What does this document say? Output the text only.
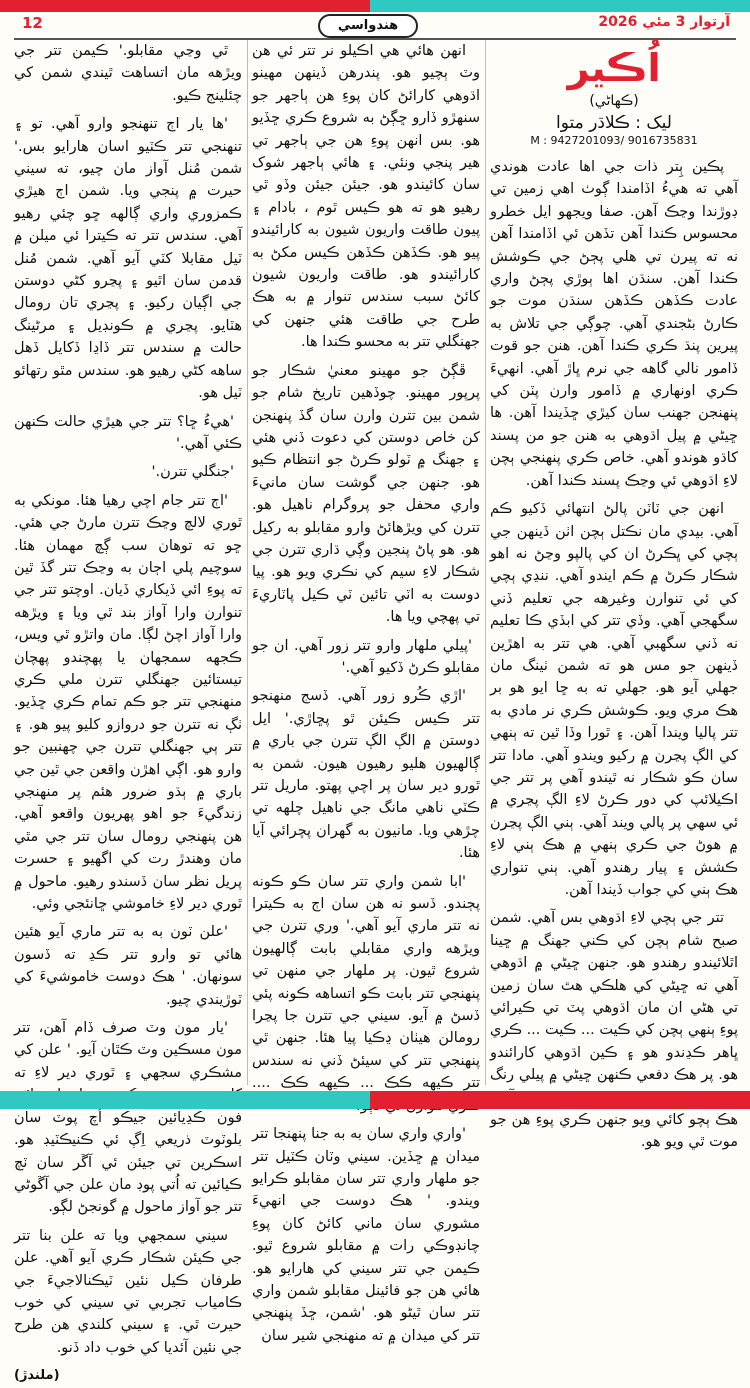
12	هندواسي	آرتوار 3 مئي 2026
اُڪير
(ڪهاڻي)
ليک : ڪلاڌر متوا
M : 9427201093/ 9016735831

پڪين ٻِتر ذات جي اها عادت هوندي آهي ته هيءُ اڏامندا ڳوٺ اهي زمين تي ڊوڙندا وڃڪ آهن. صفا ويجهو ايل خطرو محسوس ڪندا آهن تڏهن ئي اڏامندا آهن نه ته پيرن تي هلي پڄڻ جي ڪوشش ڪندا آهن. سنڌن اها ٻوڙي پڄڻ واري عادت ڪڏهن ڪڏهن سنڌن موت جو ڪارڻ بڻجندي آهي. چوڳي جي تلاش به پيرين پنڌ ڪري ڪندا آهن. هنن جو قوت ڏامور نالي گاهه جي نرم ڀاڙ آهي. انهيءَ ڪري اونهاري ۾ ڏامور وارن پٽن کي پنهنجن جهنب سان کيڙي ڇڏيندا آهن. ها ڇيڻي ۾ پيل اڌوهي به هنن جو من پسند کاڌو هوندو آهي. خاص ڪري پنهنجي ٻچن لاءِ اڌوهي ئي وڃڪ پسند ڪندا آهن.

انهن جي ٽاٽن پالڻ انتهائي ڏکيو ڪم آهي. بيدي مان نڪتل ٻچن اٺن ڏينهن جي ٻچي کي ڀڪرڻ ان کي پالپو وڃڻ نه اهو شڪار ڪرڻ ۾ ڪم ايندو آهي. ننڍي ٻچي کي ئي تنوارن وغيرهه جي تعليم ڏني سگهجي آهي. وڏي تتر کي ابڏي ڪا تعليم نه ڏني سگهبي آهي. هي تتر به اهڙين ڏينهن جو مس هو ته شمن ٺينگ مان جهلي آيو هو. جهلي ته به ڇا ايو هو بر هڪ مري ويو. ڪوشش ڪري نر مادي به تتر پاليا ويندا آهن. ۽ ٿورا وڏا ٿين ته ٻنهي کي الڳ پڃرن ۾ رکيو ويندو آهي. مادا تتر سان ڪو شڪار نه ٿيندو آهي پر تتر جي اڪيلائپ کي دور ڪرڻ لاءِ الڳ پڃري ۾ ئي سهي پر پالي ويند آهي. ٻني الڳ پڃرن ۾ هوڻ جي ڪري ٻنهي ۾ هڪ ٻني لاءِ ڪشش ۽ پيار رهندو آهي. ٻني تنواري هڪ ٻني کي جواب ڏيندا آهن.

تتر جي ٻچي لاءِ اڌوهي بس آهي. شمن صبح شام ٻچن کي ڪني جهنگ ۾ ڇينا اٿلائيندو رهندو هو. جنهن ڇيڻي ۾ اڌوهي آهي ته ڇيڻي کي هلڪي هٿ سان زمين تي هڻي ان مان اڌوهي پٽ تي ڪيرائي پوءِ ٻنهي ٻچن کي ڪيت ... ڪيت ... ڪري ڀاهر ڪڍندو هو ۽ ڪين اڌوهي کارائندو هو. پر هڪ دفعي ڪنهن ڇيڻي ۾ پيلي رنگ هڪ ٻچو کائي ويو جنهن ڪري پوءِ هن جو موت ٿي ويو هو.

انهن هائي هي اڪيلو نر تتر ئي هن وٽ ٻچيو هو. پندرهن ڏينهن مهينو اڌوهي کارائڻ کان پوءِ هن ٻاجهر جو سنهڙو ڏارو ڇڳڻ به شروع ڪري ڇڏيو هو. بس انهن پوءِ هن جي ٻاجهر تي هير پنجي ونئي. ۽ هائي ٻاجهر شوک سان کائيندو هو. جيئن جيئن وڏو ٿي رهيو هو ته هو ڪيس ٿوم ، بادام ۽ پيون طاقت واريون شيون به کارائيندو پيو هو. ڪڏهن ڪڏهن ڪيس مکڻ به کارائيندو هو. طاقت واريون شيون کائڻ سبب سندس تنوار ۾ به هڪ طرح جي طاقت هئي جنهن کي جهنگلي تتر به محسو ڪندا ها.

ڦڳڻ جو مهينو معنيٰ شڪار جو پرپور مهينو. چوڏهين تاريخ شام جو شمن بين تترن وارن سان گڏ پنهنجن کن خاص دوستن کي دعوت ڏني هئي ۽ جهنگ ۾ ٽولو ڪرڻ جو انتظام ڪيو هو. جنهن جي گوشت سان مانيءَ واري محفل جو پروگرام ناهيل هو. تترن کي ويڙهائڻ وارو مقابلو به رکيل هو. هو پاڻ پنجين وڳي ڌاري تترن جي شڪار لاءِ سيم کي نڪري ويو هو. پيا دوست به اٽي تائين ٽي ڪيل پاٽاريءَ تي پهچي ويا ها.

'پيلي ملهار وارو تتر زور آهي. ان جو مقابلو ڪرڻ ڏکيو آهي.'

'اڙي ڪُرو زور آهي. ڏسج منهنجو تتر ڪيس ڪيئن ٿو پڇاڙي.' ايل دوستن ۾ الڳ الڳ تترن جي باري ۾ ڳالهيون هليو رهيون هيون. شمن به ٿورو دير سان پر اچي پهتو. ماريل تتر ڪٽي ناهي مانگ جي ناهيل چلهه تي چڙهي ويا. مانيون به گهران پچرائي آيا هئا.

'ابا شمن واري تتر سان ڪو ڪونه پڄندو. ڏسو نه هن سان اڄ به ڪيترا نه تتر ماري آيو آهي.' وري تترن جي ويڙهه واري مقابلي بابت ڳالهيون شروع ٿيون. پر ملهار جي منهن تي پنهنجي تتر بابت ڪو اتساهه ڪونه پئي ڏسڻ ۾ آيو. سيني جي تترن جا پڃرا رومالن هيٺان ڍڪيا پيا هئا. جنهن ٿي پنهنجي تتر کي سيئڻ ڏني نه سندس تتر ڪيهه ڪڪ ... ڪيهه ڪڪ ....

'واري واري سان به به جنا پنهنجا تتر ميدان ۾ ڇڏين. سيني وٽان ڪٽيل تتر جو ملهار واري تتر سان مقابلو ڪرايو ويندو. ' هڪ دوست جي انهيءَ مشوري سان ماني کائڻ کان پوءِ چانڊوڪي رات ۾ مقابلو شروع ٿيو. ڪيمن جي تتر سيني کي هارايو هو. هائي هن جو فائينل مقابلو شمن واري تتر سان ٿيڻو هو. 'شمن، ڇڏ پنهنجي تتر کي ميدان ۾ ته منهنجي شير سان

ٿي وڃي مقابلو.' ڪيمن تتر جي ويڙهه مان اتساهت ٿيندي شمن کي چئلينج ڪيو.

'ها يار اڄ تنهنجو وارو آهي. تو ۽ تنهنجي تتر ڪٽيو اسان هارايو بس.' شمن مُنل آواز مان چيو، ته سيني حيرت ۾ پنجي ويا. شمن اڄ هيڙي ڪمزوري واري ڳالهه ڇو چئي رهيو آهي. سندس تتر ته ڪيترا ئي ميلن ۾ ٽيل مقابلا کٽي آيو آهي. شمن مُنل قدمن سان اٿيو ۽ پڃرو کڻي دوستن جي اڳيان رکيو. ۽ پڃري تان رومال هٽايو. پڃري ۾ ڪونڊيل ۽ مرڻينگ حالت ۾ سندس تتر ڏاڍا ڏکايل ڏهل ساهه کڻي رهيو هو. سندس مٿو رتهائو ٽيل هو.

'هيءُ ڇا؟ تتر جي هيڙي حالت ڪنهن ڪئي آهي.'

'جنگلي تترن.'

'اڄ تتر جام اچي رهيا هئا. مونکي به ٿوري لالچ وڃڪ تترن مارڻ جي هئي. ڇو ته توهان سب ڳچ مهمان هئا. سوچيم پلي اڄان به وڃڪ تتر گڏ ٿين ته پوءِ ائي ڏيکاري ڏيان. اوچتو تتر جي تنوارن وارا آواز بند ٿي ويا ۽ ويڙهه وارا آواز اچڻ لڳا. مان واتڙو ٿي ويس، ڪجهه سمجهان يا پهچندو پهچان تيستائين جهنگلي تترن ملي ڪري منهنجي تتر جو ڪم تمام ڪري ڇڏيو. ٺڳ نه تترن جو دروازو کليو پيو هو. ۽ تتر ٻي جهنگلي تترن جي چهنبين جو وارو هو. اڳي اهڙن واقعن جي ٿين جي باري ۾ ٻڌو ضرور هئم پر منهنجي زندگيءَ جو اهو پهريون واقعو آهي. هن پنهنجي رومال سان تتر جي مٿي مان وهندڙ رت کي اگهيو ۽ حسرت پريل نظر سان ڏسندو رهيو. ماحول ۾ ٿوري دير لاءِ خاموشي ڇانئجي وئي.

'علن ٽون به به تتر ماري آيو هئين هائي تو وارو تتر ڪڍ ته ڏسون سونهان. ' هڪ دوست خاموشيءَ کي ٽوڙيندي چيو.

'يار مون وٽ صرف ڏام آهن، تتر مون مسڪين وٽ ڪٿان آيو. ' علن کي مشڪري سجهي ۽ ٿوري دير لاءِ ته فون ڪڍيائين جيڪو اُچ پوٽ سان بلوٽوٽ ذريعي اِڳ ئي ڪنيڪٽيڊ هو. اسڪرين تي جيئن ئي آڱر سان ٽچ ڪيائين ته اُتي پوڊ مان علن جي آڱوڻي تتر جو آواز ماحول ۾ گونجڻ لڳو.

سيني سمجهي ويا ته علن بنا تتر جي ڪيئن شڪار ڪري آيو آهي. علن طرفان ڪيل نئين ٽيڪنالاجيءَ جي ڪامياب تجربي تي سيني کي خوب حيرت ٿي. ۽ سيني کلندي هن طرح جي نئين آئديا کي خوب داد ڏنو.

(ملندڙ)
